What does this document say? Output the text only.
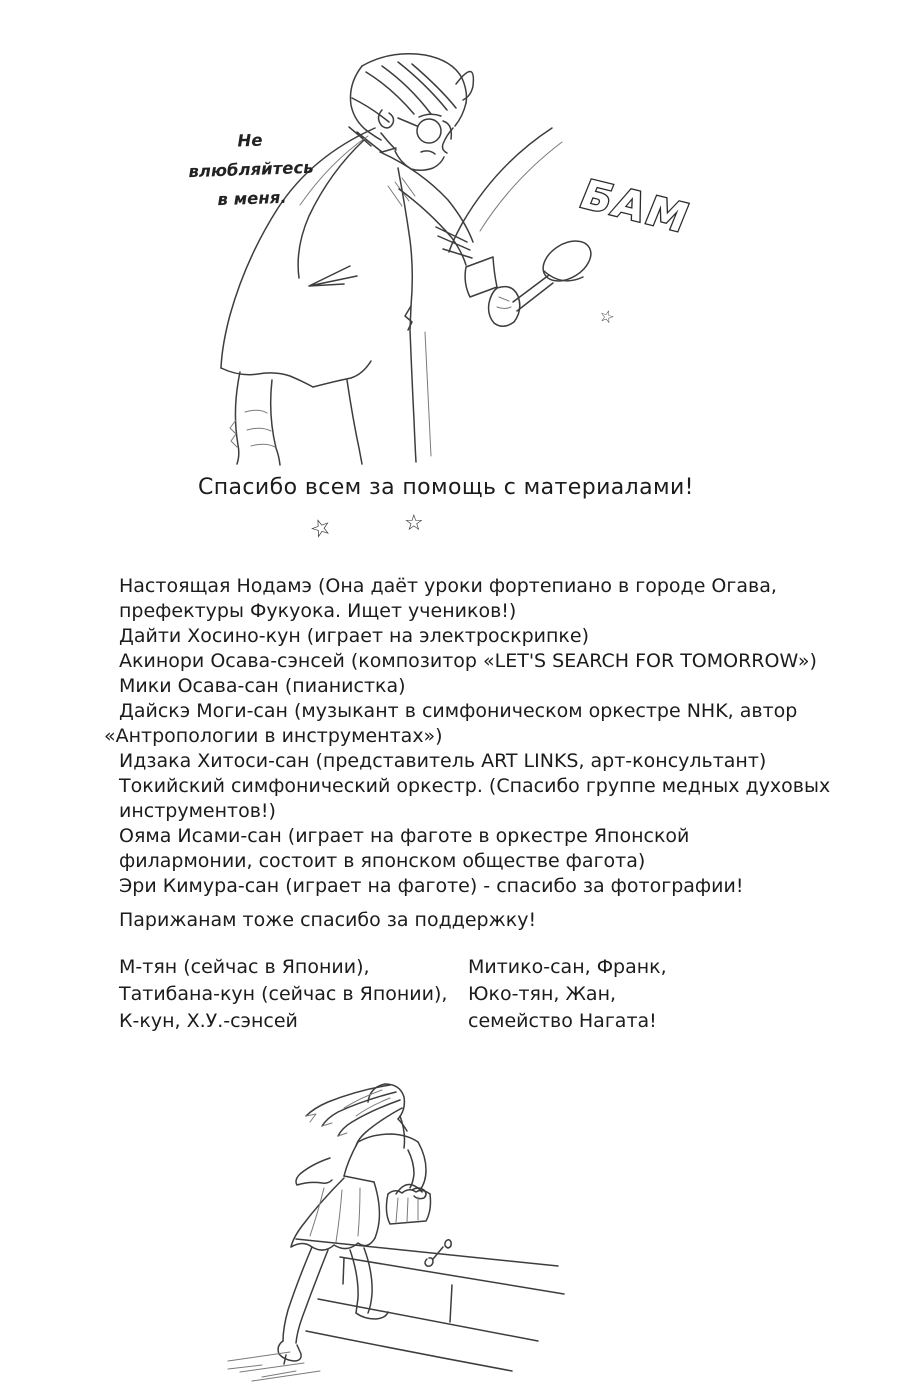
БАМ
☆
Не влюбляйтесь
в меня.
Спасибо всем за помощь с материалами!
☆	☆
Настоящая Нодамэ (Она даёт уроки фортепиано в городе Огава,
префектуры Фукуока. Ищет учеников!)
Дайти Хосино-кун (играет на электроскрипке)
Акинори Осава-сэнсей (композитор «LET'S SEARCH FOR TOMORROW»)
Мики Осава-сан (пианистка)
Дайскэ Моги-сан (музыкант в симфоническом оркестре NHK, автор
«Антропологии в инструментах»)
Идзака Хитоси-сан (представитель ART LINKS, арт-консультант)
Токийский симфонический оркестр. (Спасибо группе медных духовых
инструментов!)
Ояма Исами-сан (играет на фаготе в оркестре Японской
филармонии, состоит в японском обществе фагота)
Эри Кимура-сан (играет на фаготе) - спасибо за фотографии!
Парижанам тоже спасибо за поддержку!
М-тян (сейчас в Японии),
Татибана-кун (сейчас в Японии),
К-кун, Х.У.-сэнсей
Митико-сан, Франк,
Юко-тян, Жан,
семейство Нагата!
